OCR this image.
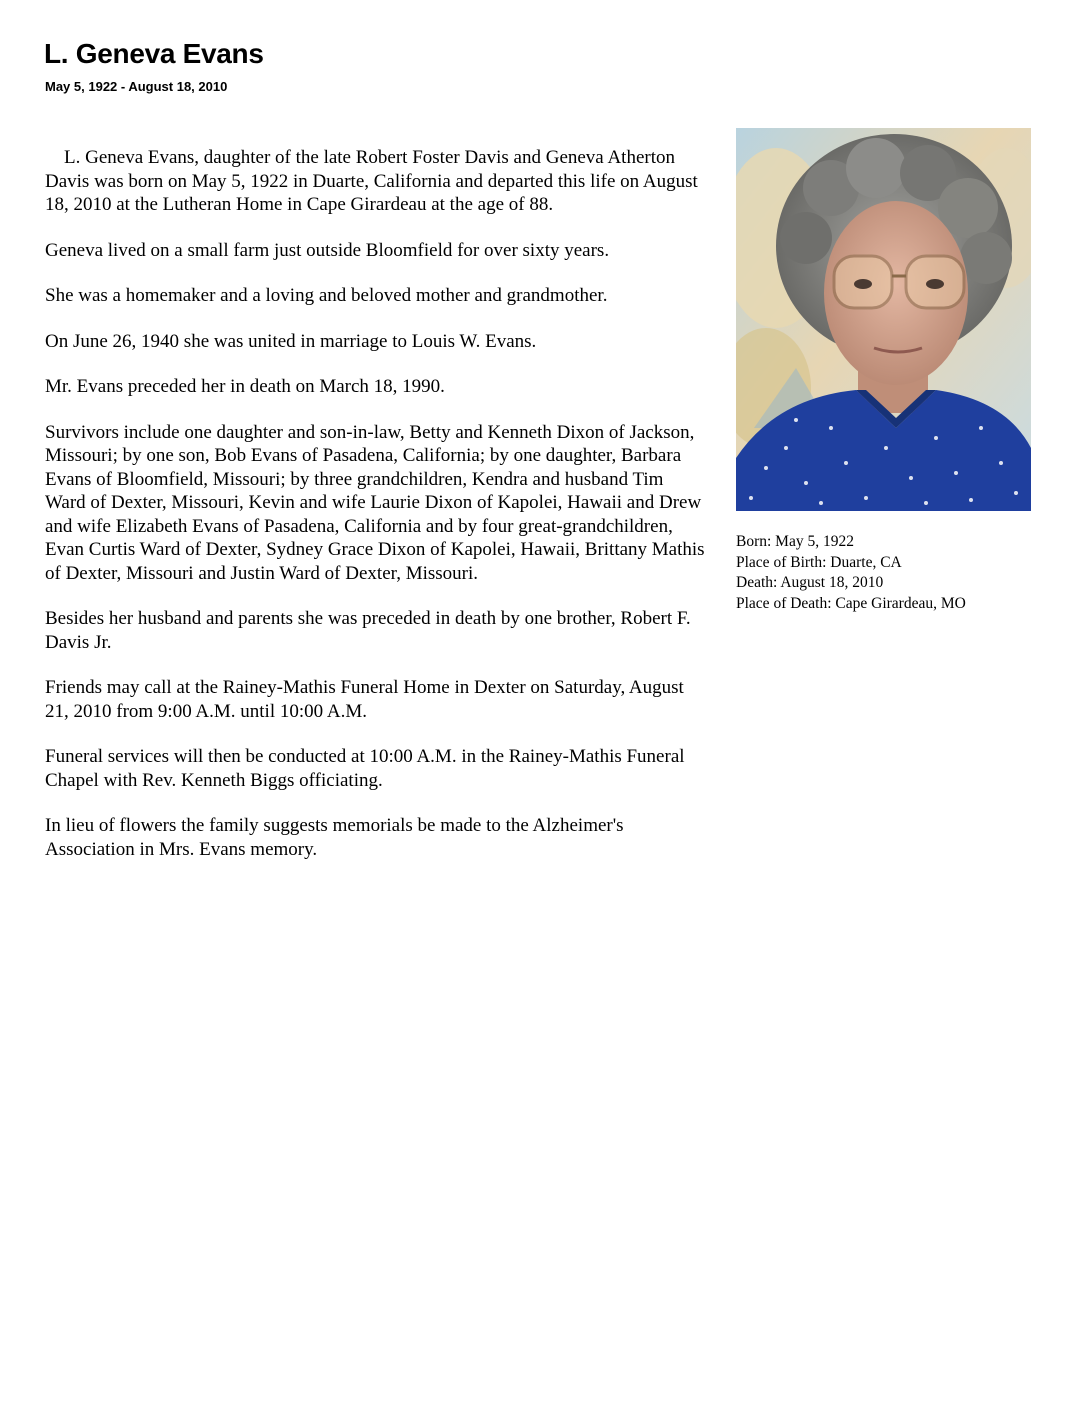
L. Geneva Evans
May 5, 1922 - August 18, 2010

L. Geneva Evans, daughter of the late Robert Foster Davis and Geneva Atherton Davis was born on May 5, 1922 in Duarte, California and departed this life on August 18, 2010 at the Lutheran Home in Cape Girardeau at the age of 88.

Geneva lived on a small farm just outside Bloomfield for over sixty years.

She was a homemaker and a loving and beloved mother and grandmother.

On June 26, 1940 she was united in marriage to Louis W. Evans.

Mr. Evans preceded her in death on March 18, 1990.

Survivors include one daughter and son-in-law, Betty and Kenneth Dixon of Jackson, Missouri; by one son, Bob Evans of Pasadena, California; by one daughter, Barbara Evans of Bloomfield, Missouri; by three grandchildren, Kendra and husband Tim Ward of Dexter, Missouri, Kevin and wife Laurie Dixon of Kapolei, Hawaii and Drew and wife Elizabeth Evans of Pasadena, California and by four great-grandchildren, Evan Curtis Ward of Dexter, Sydney Grace Dixon of Kapolei, Hawaii, Brittany Mathis of Dexter, Missouri and Justin Ward of Dexter, Missouri.

Besides her husband and parents she was preceded in death by one brother, Robert F. Davis Jr.

Friends may call at the Rainey-Mathis Funeral Home in Dexter on Saturday, August 21, 2010 from 9:00 A.M. until 10:00 A.M.

Funeral services will then be conducted at 10:00 A.M. in the Rainey-Mathis Funeral Chapel with Rev. Kenneth Biggs officiating.

In lieu of flowers the family suggests memorials be made to the Alzheimer's Association in Mrs. Evans memory.

Born: May 5, 1922
Place of Birth: Duarte, CA
Death: August 18, 2010
Place of Death: Cape Girardeau, MO
